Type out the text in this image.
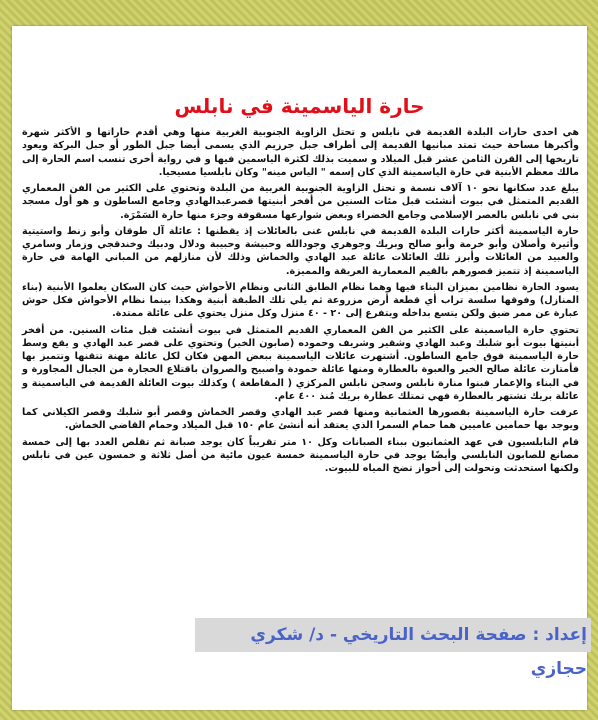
حارة الياسمينة في نابلس

هي احدى حارات البلدة القديمة في نابلس و تحتل الزاوية الجنوبية الغربية منها وهي أقدم حاراتها و الأكثر شهرة وأكبرها مساحة حيث تمتد مبانيها القديمة إلى أطراف جبل جرزيم الذي يسمى أيضا جبل الطور أو جبل البركة ويعود تاريخها إلى القرن الثامن عشر قبل الميلاد و سميت بذلك لكثرة الياسمين فيها و في رواية أخرى تنسب اسم الحارة إلى مالك معظم الأبنية في حارة الياسمينة الذي كان إسمه " الياس مينه" وكان نابلسيا مسيحيا.

يبلغ عدد سكانها نحو ١٠ آلاف نسمة و تحتل الزاوية الجنوبية الغربية من البلدة وتحتوي على الكثير من الفن المعماري القديم المتمثل في بيوت أنشئت قبل مئات السنين من أفخر أبنيتها قصرعبدالهادي وجامع الساطون و هو أول مسجد بني في نابلس بالعصر الإسلامي وجامع الخضراء وبعض شوارعها مسقوفة وجزء منها حارة السَمْرَة.

حارة الياسمينة أكثر حارات البلدة القديمة في نابلس غنى بالعائلات إذ يقطنها : عائلة آل طوقان وأبو زنط واستيتية وأثيرة وأصلان وأبو خرمة وأبو صالح وبريك وجوهري وجودالله وحبيشة وحبيبة ودلال ودبيك وخندقجي وزمار وسامري والعبيد من العائلات وأبرز تلك العائلات عائلة عبد الهادي والخماش وذلك لأن منازلهم من المباني الهامة في حارة الياسمينة إذ تتميز قصورهم بالقيم المعمارية العريقة والمميزة.

يسود الحارة نظامين بميزان البناء فيها وهما نظام الطابق الثاني ونظام الأحواش حيث كان السكان يعلموا الأبنية (بناء المنازل) وفوقها سلسة تراب أي قطعة أرض مزروعة ثم يلي تلك الطبقة أبنية وهكذا بينما نظام الأحواش فكل حوش عبارة عن ممر ضيق ولكن يتسع بداخله ويتفرع إلى ٢٠ - ٤٠ منزل وكل منزل يحتوي على عائلة ممتدة.

تحتوي حارة الياسمينة على الكثير من الفن المعماري القديم المتمثل في بيوت أنشئت قبل مئات السنين. من أفخر أبنيتها بيوت أبو شلبك وعبد الهادي وشقير وشريف وحموده (صابون الخير) وتحتوي على قصر عبد الهادي و يقع وسط حارة الياسمينة فوق جامع الساطون. أشتهرت عائلات الياسمينة ببعض المهن فكان لكل عائلة مهنة تتقنها وتتميز بها فأمتازت عائلة صالح الخير والعبوة بالعطارة ومنها عائلة حمودة واصبيح والصروان باقتلاع الحجارة من الجبال المجاورة و في البناء والإعمار فبنوا منارة نابلس وسجن نابلس المركزي ( المقاطعة ) وكذلك بيوت العائلة القديمة في الياسمينة و عائلة بريك تشتهر بالعطارة فهي تمتلك عطارة بريك مُنذ ٤٠٠ عام.

عرفت حارة الياسمينة بقصورها العثمانية ومنها قصر عبد الهادي وقصر الخماش وقصر أبو شلبك وقصر الكيلاني كما ويوجد بها حمامين عاميين هما حمام السمرا الذي يعتقد أنه أنشئ عام ١٥٠ قبل الميلاد وحمام القاضي الخماش.

قام النابلسيون في عهد العثمانيون ببناء الصبانات وكل ١٠ متر تقريباً كان يوجد صبانة ثم تقلص العدد بها إلى خمسة مصانع للصابون النابلسي وأيضًا يوجد في حارة الياسمينة خمسة عيون مائية من أصل ثلاثة و خمسون عين في نابلس ولكنها استحدثت وتحولت إلى أحواز تضخ المياه للبيوت.

إعداد : صفحة البحث التاريخي - د/ شكري حجازي
